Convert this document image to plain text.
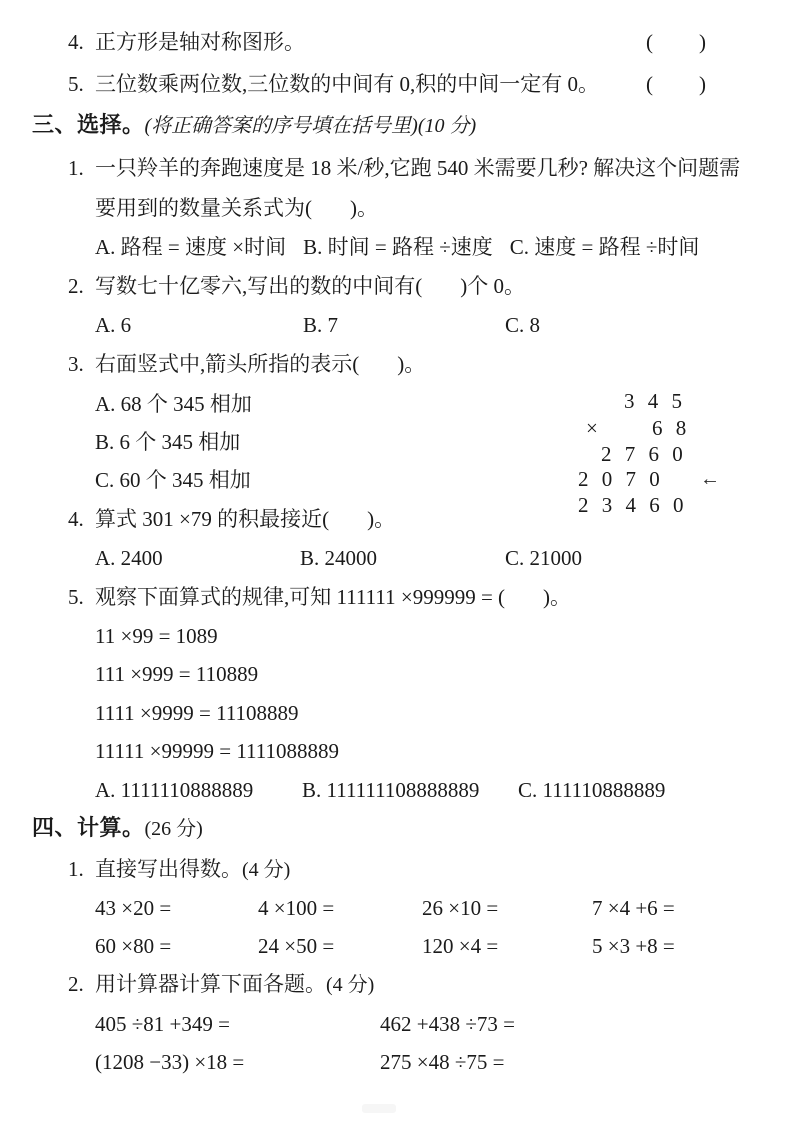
4. 正方形是轴对称图形。	( )
5. 三位数乘两位数,三位数的中间有 0,积的中间一定有 0。 ( )
三、选择。(将正确答案的序号填在括号里)(10 分)
1. 一只羚羊的奔跑速度是 18 米/秒,它跑 540 米需要几秒? 解决这个问题需
要用到的数量关系式为( )。
A. 路程 = 速度 ×时间 B. 时间 = 路程 ÷速度 C. 速度 = 路程 ÷时间
2. 写数七十亿零六,写出的数的中间有( )个 0。
A. 6	B. 7	C. 8
3. 右面竖式中,箭头所指的表示( )。
A. 68 个 345 相加
B. 6 个 345 相加
C. 60 个 345 相加
3 4 5
×	6 8
2 7 6 0
2 0 7 0 ←
2 3 4 6 0
4. 算式 301 ×79 的积最接近( )。
A. 2400	B. 24000	C. 21000
5. 观察下面算式的规律,可知 111111 ×999999 = ( )。
11 ×99 = 1089
111 ×999 = 110889
1111 ×9999 = 11108889
11111 ×99999 = 1111088889
A. 1111110888889 B. 111111108888889 C. 111110888889
四、计算。(26 分)
1. 直接写出得数。(4 分)
43 ×20 =	4 ×100 =	26 ×10 =	7 ×4 +6 =
60 ×80 =	24 ×50 =	120 ×4 =	5 ×3 +8 =
2. 用计算器计算下面各题。(4 分)
405 ÷81 +349 =	462 +438 ÷73 =
(1208 −33) ×18 =	275 ×48 ÷75 =
